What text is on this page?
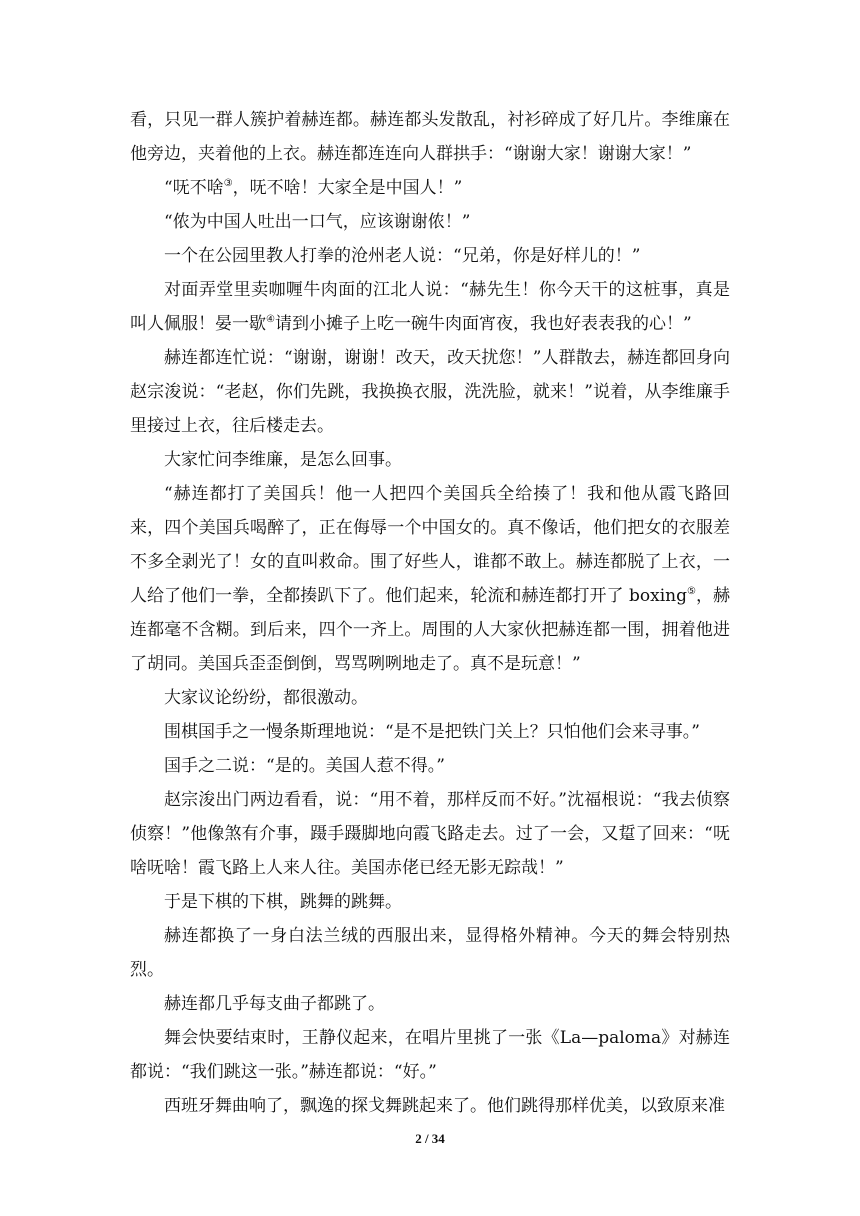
看，只见一群人簇护着赫连都。赫连都头发散乱，衬衫碎成了好几片。李维廉在他旁边，夹着他的上衣。赫连都连连向人群拱手：“谢谢大家！谢谢大家！”

“呒不啥③，呒不啥！大家全是中国人！”

“侬为中国人吐出一口气，应该谢谢侬！”

一个在公园里教人打拳的沧州老人说：“兄弟，你是好样儿的！”

对面弄堂里卖咖喱牛肉面的江北人说：“赫先生！你今天干的这桩事，真是叫人佩服！晏一歇④请到小摊子上吃一碗牛肉面宵夜，我也好表表我的心！”

赫连都连忙说：“谢谢，谢谢！改天，改天扰您！”人群散去，赫连都回身向赵宗浚说：“老赵，你们先跳，我换换衣服，洗洗脸，就来！”说着，从李维廉手里接过上衣，往后楼走去。

大家忙问李维廉，是怎么回事。

“赫连都打了美国兵！他一人把四个美国兵全给揍了！我和他从霞飞路回来，四个美国兵喝醉了，正在侮辱一个中国女的。真不像话，他们把女的衣服差不多全剥光了！女的直叫救命。围了好些人，谁都不敢上。赫连都脱了上衣，一人给了他们一拳，全都揍趴下了。他们起来，轮流和赫连都打开了 boxing⑤，赫连都毫不含糊。到后来，四个一齐上。周围的人大家伙把赫连都一围，拥着他进了胡同。美国兵歪歪倒倒，骂骂咧咧地走了。真不是玩意！”

大家议论纷纷，都很激动。

围棋国手之一慢条斯理地说：“是不是把铁门关上？只怕他们会来寻事。”

国手之二说：“是的。美国人惹不得。”

赵宗浚出门两边看看，说：“用不着，那样反而不好。”沈福根说：“我去侦察侦察！”他像煞有介事，蹑手蹑脚地向霞飞路走去。过了一会，又踅了回来：“呒啥呒啥！霞飞路上人来人往。美国赤佬已经无影无踪哉！”

于是下棋的下棋，跳舞的跳舞。

赫连都换了一身白法兰绒的西服出来，显得格外精神。今天的舞会特别热烈。

赫连都几乎每支曲子都跳了。

舞会快要结束时，王静仪起来，在唱片里挑了一张《La—paloma》对赫连都说：“我们跳这一张。”赫连都说：“好。”

西班牙舞曲响了，飘逸的探戈舞跳起来了。他们跳得那样优美，以致原来准

2 / 34
